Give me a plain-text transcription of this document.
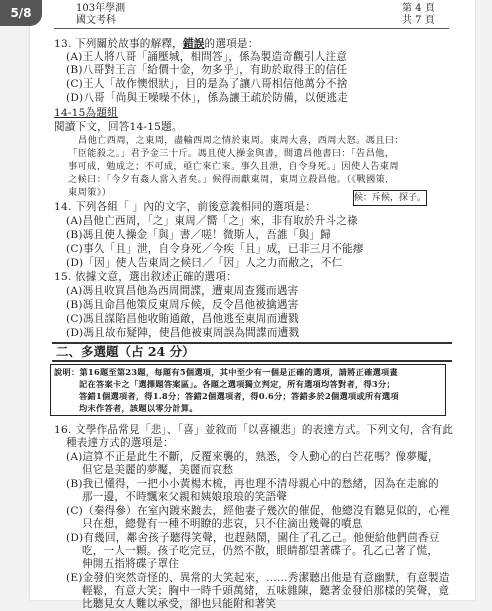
103年學測
國文考科
第 4 頁
共 7 頁
13. 下列關於故事的解釋，錯誤的選項是：
(A)王人將八哥「誦壓城，相問答」，係為製造奇觀引人注意
(B)八哥對王言「給價十金，勿多乎」，有助於取得王的信任
(C)王人「故作懊恨狀」，目的是為了讓八哥相信他萬分不捨
(D)八哥「尚與王噪噪不休」，係為讓王疏於防備，以便逃走
14-15為題組
閱讀下文，回答14-15題。
昌他亡西周，之東周，盡輸西周之情於東周。東周大喜，西周大怒。馮且曰：
「臣能殺之。」君予金三十斤。馮且使人操金與書，間遺昌他書曰：「告昌他，
事可成，勉成之；不可成，亟亡來亡來。事久且泄，自令身死。」因使人告東周
之候曰：「今夕有姦人當入者矣。」候得而獻東周，東周立殺昌他。（《戰國策．
東周策》）	候：斥候，探子。
14. 下列各組「 」內的文字，前後意義相同的選項是：
(A)昌他亡西周，「之」東周／嚮「之」來，非有取於升斗之祿
(B)馮且使人操金「與」書／嗟！微斯人，吾誰「與」歸
(C)事久「且」泄，自令身死／今疾「且」成，已非三月不能瘳
(D)「因」使人告東周之候曰／「因」人之力而敝之，不仁
15. 依據文意，選出敘述正確的選項：
(A)馮且收買昌他為西周間諜，遭東周查獲而遇害
(B)馮且命昌他策反東周斥候，反令昌他被擒遇害
(C)馮且謀陷昌他收賄通敵，昌他逃至東周而遭戮
(D)馮且故布疑陣，使昌他被東周誤為間諜而遭戮
二、多選題（占 24 分）
說明：第16題至第23題，每題有5個選項，其中至少有一個是正確的選項，請將正確選項畫
記在答案卡之「選擇題答案區」。各題之選項獨立判定，所有選項均答對者，得3分；
答錯1個選項者，得1.8分；答錯2個選項者，得0.6分；答錯多於2個選項或所有選項
均未作答者，該題以零分計算。
16. 文學作品常見「悲」、「喜」並敘而「以喜襯悲」的表達方式。下列文句，含有此
種表達方式的選項是：
(A)這算不正是此生不斷，反覆來襲的，熟悉，令人動心的白芒花嗎？像夢魘，
但它是美麗的夢魘，美麗而哀愁
(B)我已懂得，一把小小黃楊木梳，再也理不清母親心中的愁緒，因為在走廊的
那一邊，不時飄來父親和姨娘琅琅的笑語聲
(C)（秦得參）在室內踱來踱去，經他妻子幾次的催促，他總沒有聽見似的，心裡
只在想，總覺有一種不明瞭的悲哀，只不住滴出幾聲的噴息
(D)有幾回，鄰舍孩子聽得笑聲，也趕熱鬧，圍住了孔乙己。他便給他們茴香豆
吃，一人一顆。孩子吃完豆，仍然不散，眼睛都望著碟子。孔乙己著了慌，
伸開五指將碟子罩住
(E)金發伯突然奇怪的、異常的大笑起來，……秀潔聽出他是有意幽默，有意製造
輕鬆，有意大笑；胸中一時千頭萬緒，五味雜陳，聽著金發伯那樣的笑聲，竟
比聽見女人難以承受，卻也只能附和著笑
5/8
